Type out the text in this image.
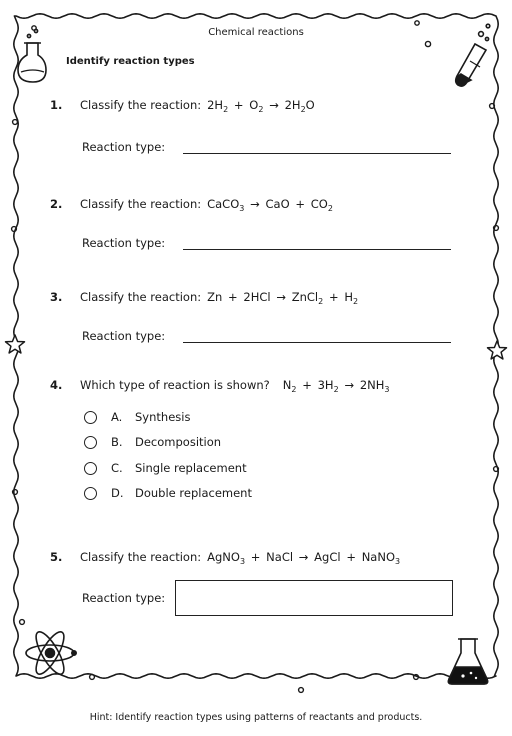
Chemical reactions
Identify reaction types
1. Classify the reaction: $2H_2$ + $O_2$ → $2H_2O$
Reaction type:
2. Classify the reaction: CaCO$_3$ → CaO + $CO_2$
Reaction type:
3. Classify the reaction: Zn + 2HCl → ZnCl$_2$ + $H_2$
Reaction type:
4. Which type of reaction is shown? $N_2$ + $3H_2$ → $2NH_3$
A.	Synthesis
B.	Decomposition
C.	Single replacement
D. Double replacement
5. Classify the reaction: AgNO$_3$ + NaCl → AgCl + NaNO$_3$
Reaction type:
Hint: Identify reaction types using patterns of reactants and products.
